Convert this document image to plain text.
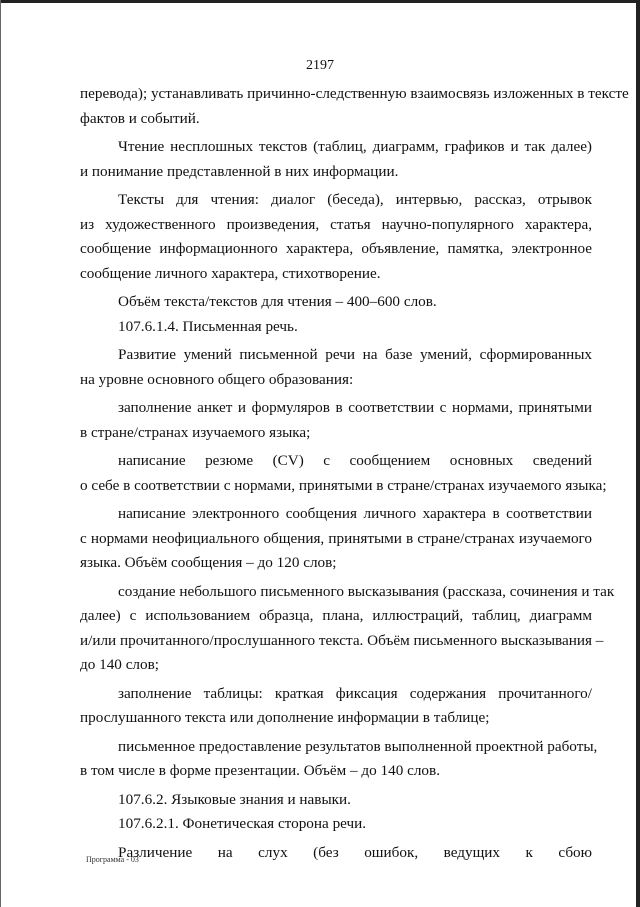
2197
перевода); устанавливать причинно-следственную взаимосвязь изложенных в тексте
фактов и событий.
Чтение несплошных текстов (таблиц, диаграмм, графиков и так далее)
и понимание представленной в них информации.
Тексты для чтения: диалог (беседа), интервью, рассказ, отрывок
из художественного произведения, статья научно-популярного характера,
сообщение информационного характера, объявление, памятка, электронное
сообщение личного характера, стихотворение.
Объём текста/текстов для чтения – 400–600 слов.
107.6.1.4. Письменная речь.
Развитие умений письменной речи на базе умений, сформированных
на уровне основного общего образования:
заполнение анкет и формуляров в соответствии с нормами, принятыми
в стране/странах изучаемого языка;
написание резюме (CV) с сообщением основных сведений
о себе в соответствии с нормами, принятыми в стране/странах изучаемого языка;
написание электронного сообщения личного характера в соответствии
с нормами неофициального общения, принятыми в стране/странах изучаемого
языка. Объём сообщения – до 120 слов;
создание небольшого письменного высказывания (рассказа, сочинения и так
далее) с использованием образца, плана, иллюстраций, таблиц, диаграмм
и/или прочитанного/прослушанного текста. Объём письменного высказывания –
до 140 слов;
заполнение таблицы: краткая фиксация содержания прочитанного/
прослушанного текста или дополнение информации в таблице;
письменное предоставление результатов выполненной проектной работы,
в том числе в форме презентации. Объём – до 140 слов.
107.6.2. Языковые знания и навыки.
107.6.2.1. Фонетическая сторона речи.
Различение на слух (без ошибок, ведущих к сбою
Программа - 03
